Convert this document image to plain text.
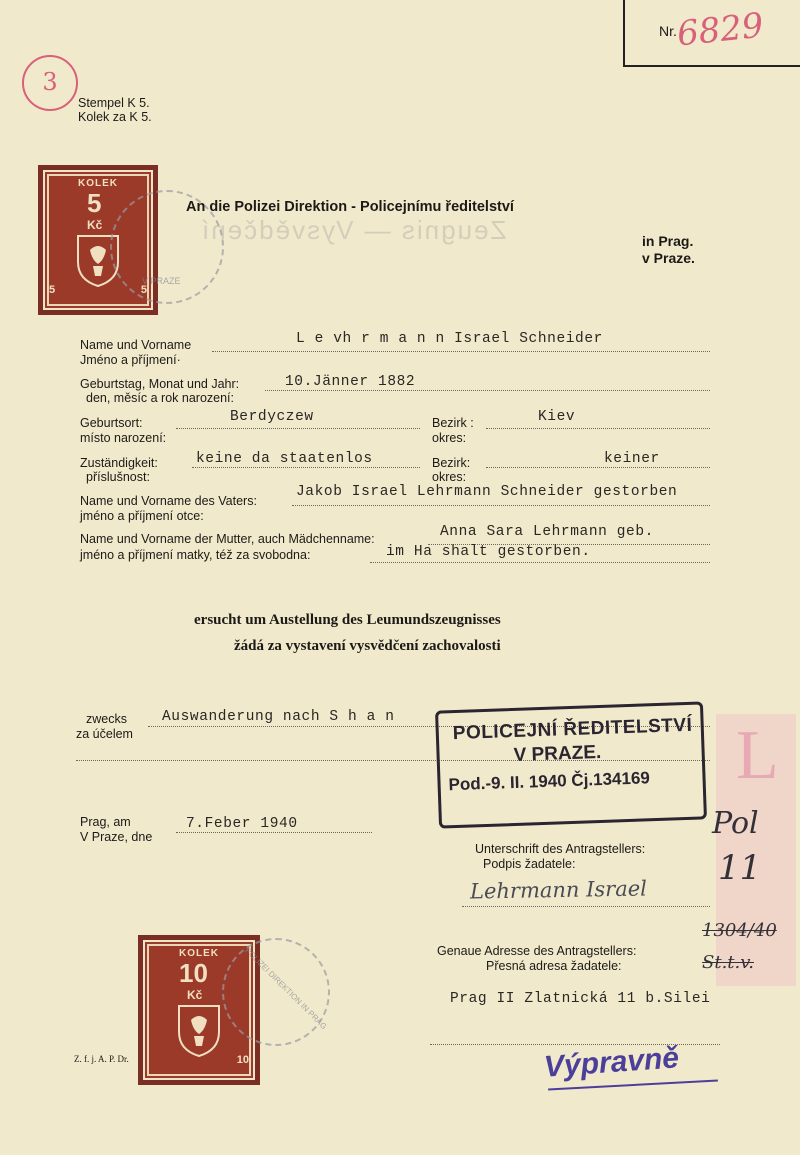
Nr.
6829
3
Stempel K 5.
Kolek za K 5.
Zeugnis — Vysvědčení
KOLEK
5
Kč
5	5
V PRAZE
An die Polizei Direktion - Policejnímu ředitelství
in Prag.
v Praze.
Name und Vorname
Jméno a příjmení·
L e vh r m a n n Israel Schneider
Geburtstag, Monat und Jahr:
den, měsíc a rok narození:
10.Jänner 1882
Geburtsort:
místo narození:
Berdyczew	Bezirk :
okres:
Kiev
Zuständigkeit:
příslušnost:
keine da staatenlos	Bezirk:
okres:
keiner
Name und Vorname des Vaters:
jméno a příjmení otce:
Jakob Israel Lehrmann Schneider gestorben
Name und Vorname der Mutter, auch Mädchenname:
jméno a příjmení matky, též za svobodna:
Anna Sara Lehrmann geb.
im Ha shalt gestorben.
ersucht um Austellung des Leumundszeugnisses
žádá za vystavení vysvědčení zachovalosti
zwecks
za účelem
Auswanderung nach S h a n	POLICEJNÍ ŘEDITELSTVÍ
V PRAZE.
Pod.-9. II. 1940 Čj.134169
Prag, am
V Praze, dne
7.Feber 1940
Unterschrift des Antragstellers:
Podpis žadatele:
Lehrmann Israel
Genaue Adresse des Antragstellers:
Přesná adresa žadatele:
Prag II Zlatnická 11 b.Silei
L
Pol
11
1304/40
St.t.v.
KOLEK
10
Kč
10
POLIZEI DIREKTION IN PRAG
Z. f. j. A. P. Dr.	Výpravně
